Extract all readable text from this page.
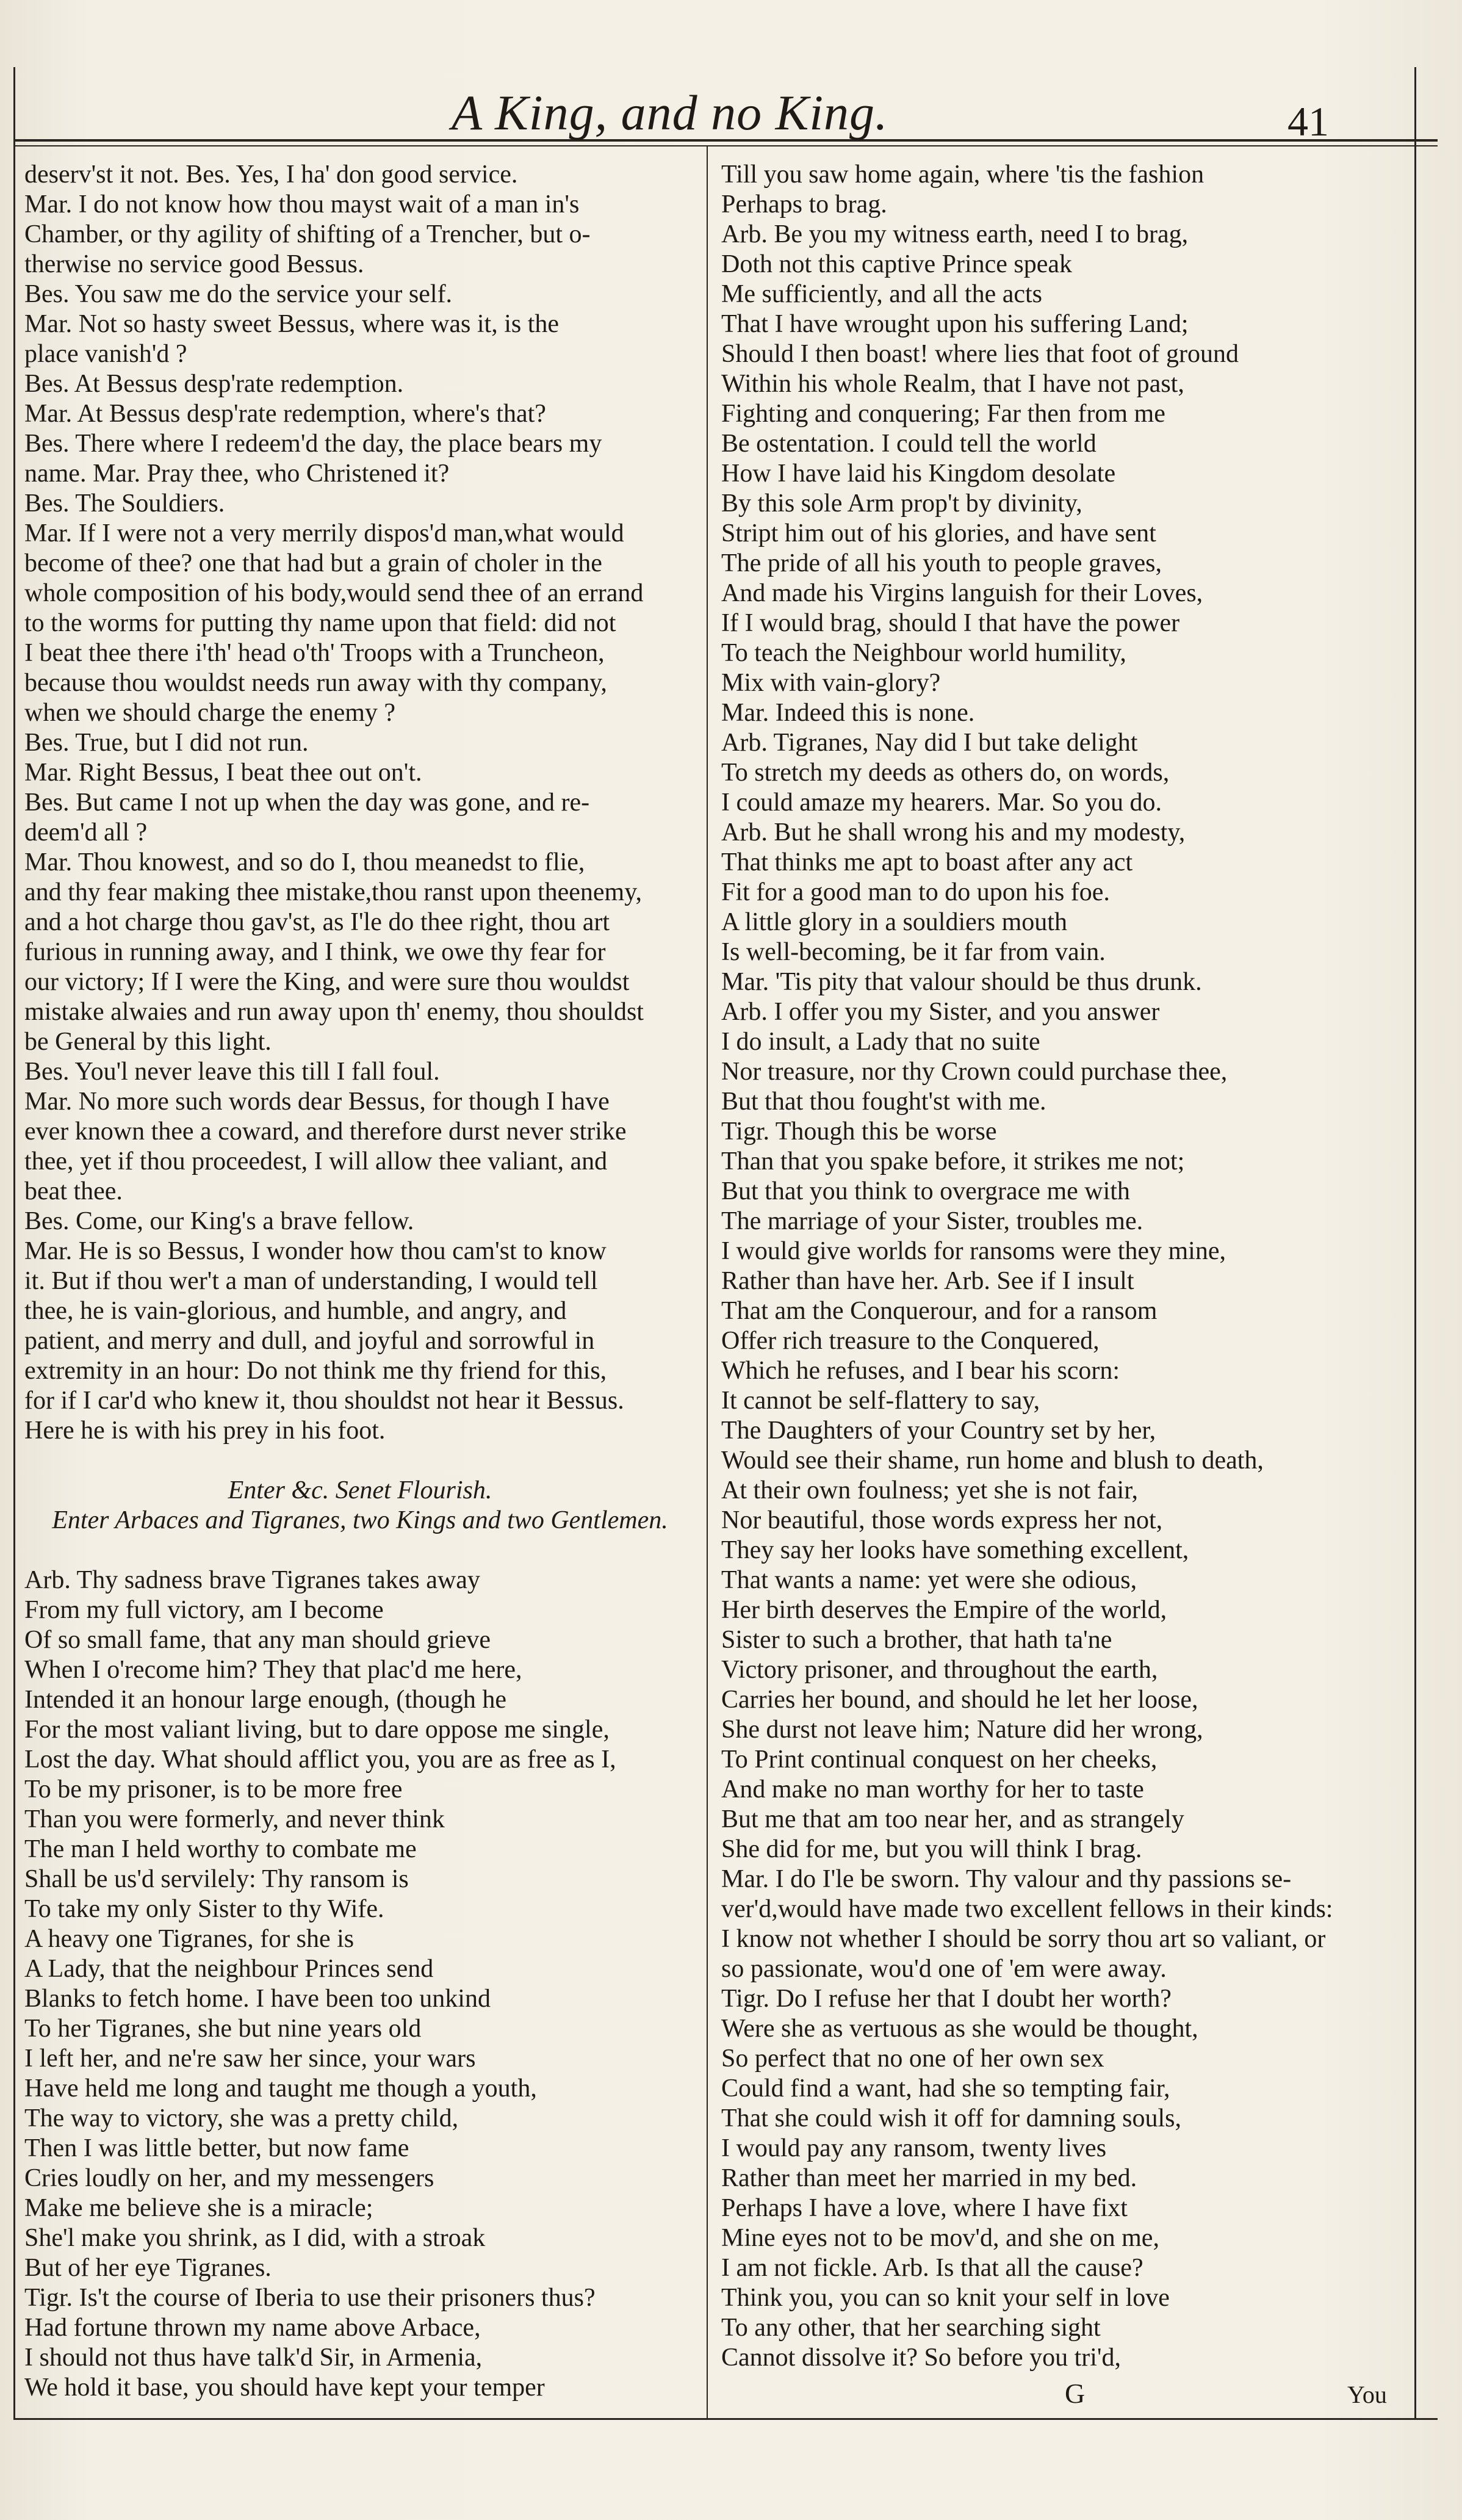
A King, and no King.	41
deserv'st it not. Bes. Yes, I ha' don good service.
Mar. I do not know how thou mayst wait of a man in's
Chamber, or thy agility of shifting of a Trencher, but o-
therwise no service good Bessus.
Bes. You saw me do the service your self.
Mar. Not so hasty sweet Bessus, where was it, is the
place vanish'd ?
Bes. At Bessus desp'rate redemption.
Mar. At Bessus desp'rate redemption, where's that?
Bes. There where I redeem'd the day, the place bears my
name. Mar. Pray thee, who Christened it?
Bes. The Souldiers.
Mar. If I were not a very merrily dispos'd man,what would
become of thee? one that had but a grain of choler in the
whole composition of his body,would send thee of an errand
to the worms for putting thy name upon that field: did not
I beat thee there i'th' head o'th' Troops with a Truncheon,
because thou wouldst needs run away with thy company,
when we should charge the enemy ?
Bes. True, but I did not run.
Mar. Right Bessus, I beat thee out on't.
Bes. But came I not up when the day was gone, and re-
deem'd all ?
Mar. Thou knowest, and so do I, thou meanedst to flie,
and thy fear making thee mistake,thou ranst upon theenemy,
and a hot charge thou gav'st, as I'le do thee right, thou art
furious in running away, and I think, we owe thy fear for
our victory; If I were the King, and were sure thou wouldst
mistake alwaies and run away upon th' enemy, thou shouldst
be General by this light.
Bes. You'l never leave this till I fall foul.
Mar. No more such words dear Bessus, for though I have
ever known thee a coward, and therefore durst never strike
thee, yet if thou proceedest, I will allow thee valiant, and
beat thee.
Bes. Come, our King's a brave fellow.
Mar. He is so Bessus, I wonder how thou cam'st to know
it. But if thou wer't a man of understanding, I would tell
thee, he is vain-glorious, and humble, and angry, and
patient, and merry and dull, and joyful and sorrowful in
extremity in an hour: Do not think me thy friend for this,
for if I car'd who knew it, thou shouldst not hear it Bessus.
Here he is with his prey in his foot.
Enter &c. Senet Flourish.
Enter Arbaces and Tigranes, two Kings and two Gentlemen.
Arb. Thy sadness brave Tigranes takes away
From my full victory, am I become
Of so small fame, that any man should grieve
When I o'recome him? They that plac'd me here,
Intended it an honour large enough, (though he
For the most valiant living, but to dare oppose me single,
Lost the day. What should afflict you, you are as free as I,
To be my prisoner, is to be more free
Than you were formerly, and never think
The man I held worthy to combate me
Shall be us'd servilely: Thy ransom is
To take my only Sister to thy Wife.
A heavy one Tigranes, for she is
A Lady, that the neighbour Princes send
Blanks to fetch home. I have been too unkind
To her Tigranes, she but nine years old
I left her, and ne're saw her since, your wars
Have held me long and taught me though a youth,
The way to victory, she was a pretty child,
Then I was little better, but now fame
Cries loudly on her, and my messengers
Make me believe she is a miracle;
She'l make you shrink, as I did, with a stroak
But of her eye Tigranes.
Tigr. Is't the course of Iberia to use their prisoners thus?
Had fortune thrown my name above Arbace,
I should not thus have talk'd Sir, in Armenia,
We hold it base, you should have kept your temper
Till you saw home again, where 'tis the fashion
Perhaps to brag.
Arb. Be you my witness earth, need I to brag,
Doth not this captive Prince speak
Me sufficiently, and all the acts
That I have wrought upon his suffering Land;
Should I then boast! where lies that foot of ground
Within his whole Realm, that I have not past,
Fighting and conquering; Far then from me
Be ostentation. I could tell the world
How I have laid his Kingdom desolate
By this sole Arm prop't by divinity,
Stript him out of his glories, and have sent
The pride of all his youth to people graves,
And made his Virgins languish for their Loves,
If I would brag, should I that have the power
To teach the Neighbour world humility,
Mix with vain-glory?
Mar. Indeed this is none.
Arb. Tigranes, Nay did I but take delight
To stretch my deeds as others do, on words,
I could amaze my hearers. Mar. So you do.
Arb. But he shall wrong his and my modesty,
That thinks me apt to boast after any act
Fit for a good man to do upon his foe.
A little glory in a souldiers mouth
Is well-becoming, be it far from vain.
Mar. 'Tis pity that valour should be thus drunk.
Arb. I offer you my Sister, and you answer
I do insult, a Lady that no suite
Nor treasure, nor thy Crown could purchase thee,
But that thou fought'st with me.
Tigr. Though this be worse
Than that you spake before, it strikes me not;
But that you think to overgrace me with
The marriage of your Sister, troubles me.
I would give worlds for ransoms were they mine,
Rather than have her. Arb. See if I insult
That am the Conquerour, and for a ransom
Offer rich treasure to the Conquered,
Which he refuses, and I bear his scorn:
It cannot be self-flattery to say,
The Daughters of your Country set by her,
Would see their shame, run home and blush to death,
At their own foulness; yet she is not fair,
Nor beautiful, those words express her not,
They say her looks have something excellent,
That wants a name: yet were she odious,
Her birth deserves the Empire of the world,
Sister to such a brother, that hath ta'ne
Victory prisoner, and throughout the earth,
Carries her bound, and should he let her loose,
She durst not leave him; Nature did her wrong,
To Print continual conquest on her cheeks,
And make no man worthy for her to taste
But me that am too near her, and as strangely
She did for me, but you will think I brag.
Mar. I do I'le be sworn. Thy valour and thy passions se-
ver'd,would have made two excellent fellows in their kinds:
I know not whether I should be sorry thou art so valiant, or
so passionate, wou'd one of 'em were away.
Tigr. Do I refuse her that I doubt her worth?
Were she as vertuous as she would be thought,
So perfect that no one of her own sex
Could find a want, had she so tempting fair,
That she could wish it off for damning souls,
I would pay any ransom, twenty lives
Rather than meet her married in my bed.
Perhaps I have a love, where I have fixt
Mine eyes not to be mov'd, and she on me,
I am not fickle. Arb. Is that all the cause?
Think you, you can so knit your self in love
To any other, that her searching sight
Cannot dissolve it? So before you tri'd,
G	You
